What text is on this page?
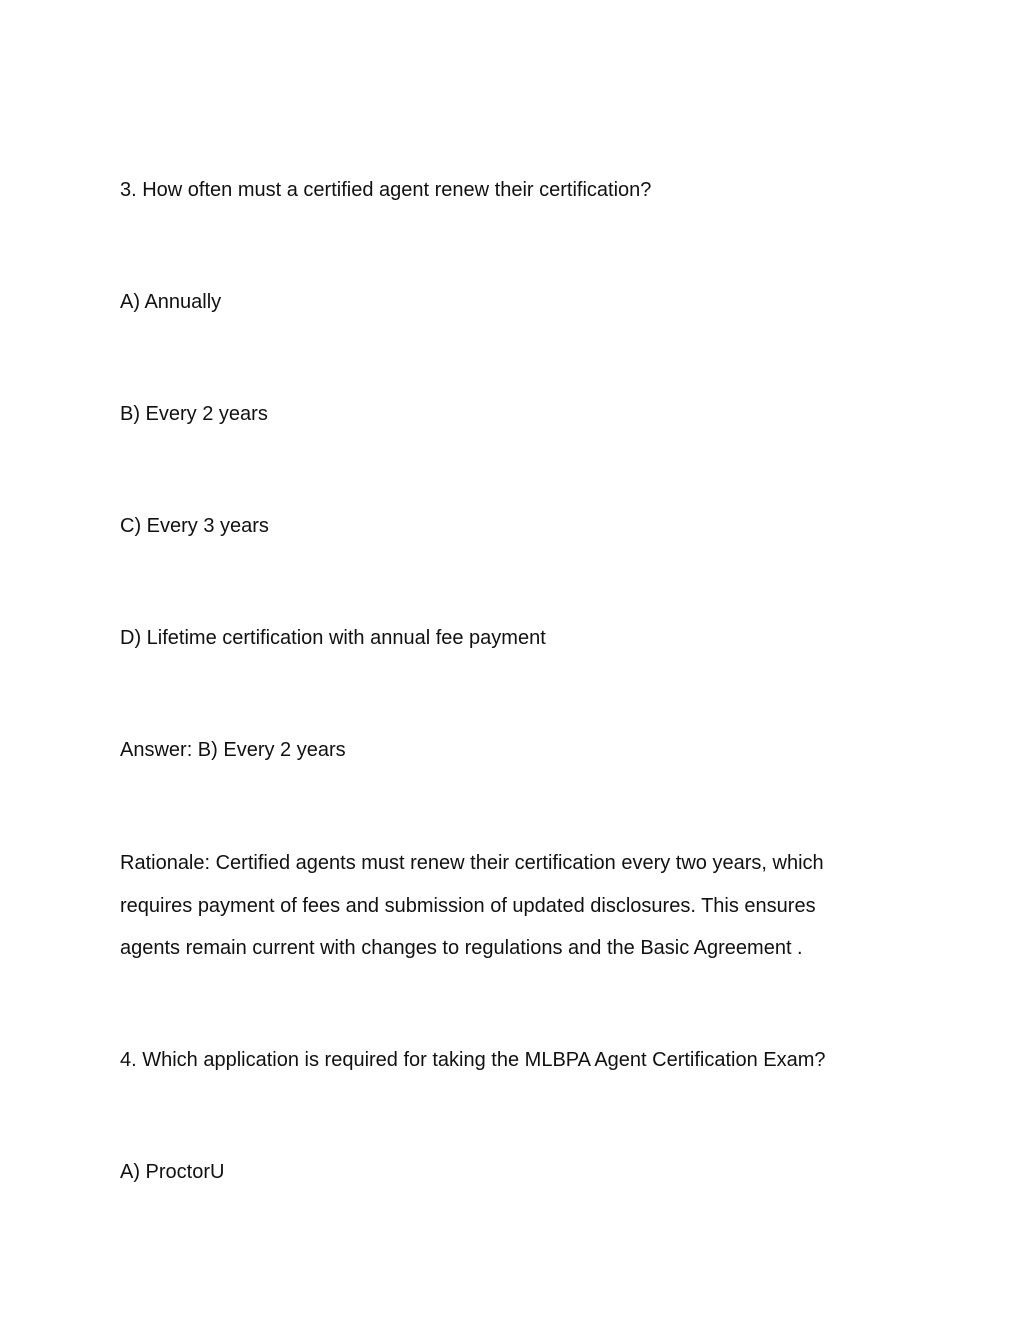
3. How often must a certified agent renew their certification?
A) Annually
B) Every 2 years
C) Every 3 years
D) Lifetime certification with annual fee payment
Answer: B) Every 2 years
Rationale: Certified agents must renew their certification every two years, which
requires payment of fees and submission of updated disclosures. This ensures
agents remain current with changes to regulations and the Basic Agreement .
4. Which application is required for taking the MLBPA Agent Certification Exam?
A) ProctorU
